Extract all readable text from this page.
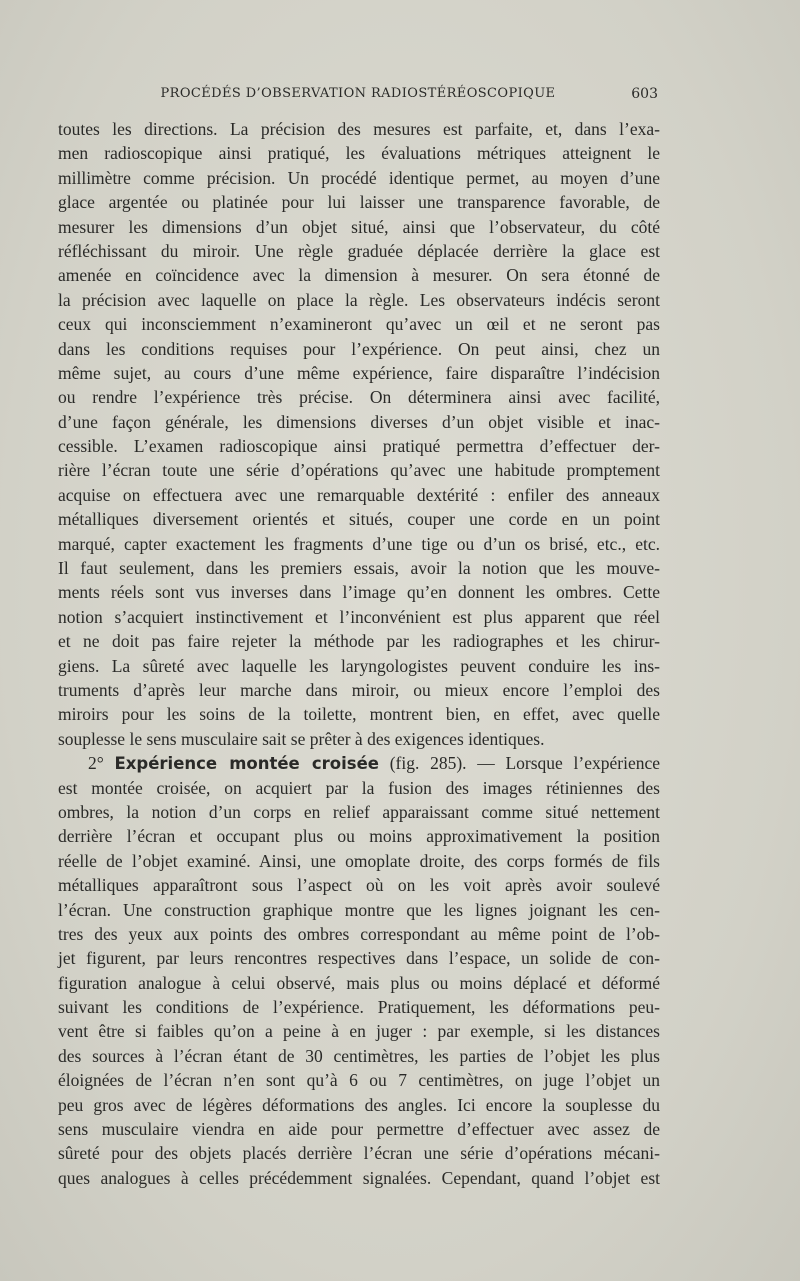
PROCÉDÉS D’OBSERVATION RADIOSTÉRÉOSCOPIQUE	603
toutes les directions. La précision des mesures est parfaite, et, dans l’exa-
men radioscopique ainsi pratiqué, les évaluations métriques atteignent le
millimètre comme précision. Un procédé identique permet, au moyen d’une
glace argentée ou platinée pour lui laisser une transparence favorable, de
mesurer les dimensions d’un objet situé, ainsi que l’observateur, du côté
réfléchissant du miroir. Une règle graduée déplacée derrière la glace est
amenée en coïncidence avec la dimension à mesurer. On sera étonné de
la précision avec laquelle on place la règle. Les observateurs indécis seront
ceux qui inconsciemment n’examineront qu’avec un œil et ne seront pas
dans les conditions requises pour l’expérience. On peut ainsi, chez un
même sujet, au cours d’une même expérience, faire disparaître l’indécision
ou rendre l’expérience très précise. On déterminera ainsi avec facilité,
d’une façon générale, les dimensions diverses d’un objet visible et inac-
cessible. L’examen radioscopique ainsi pratiqué permettra d’effectuer der-
rière l’écran toute une série d’opérations qu’avec une habitude promptement
acquise on effectuera avec une remarquable dextérité : enfiler des anneaux
métalliques diversement orientés et situés, couper une corde en un point
marqué, capter exactement les fragments d’une tige ou d’un os brisé, etc., etc.
Il faut seulement, dans les premiers essais, avoir la notion que les mouve-
ments réels sont vus inverses dans l’image qu’en donnent les ombres. Cette
notion s’acquiert instinctivement et l’inconvénient est plus apparent que réel
et ne doit pas faire rejeter la méthode par les radiographes et les chirur-
giens. La sûreté avec laquelle les laryngologistes peuvent conduire les ins-
truments d’après leur marche dans miroir, ou mieux encore l’emploi des
miroirs pour les soins de la toilette, montrent bien, en effet, avec quelle
souplesse le sens musculaire sait se prêter à des exigences identiques.
2° Expérience montée croisée (fig. 285). — Lorsque l’expérience
est montée croisée, on acquiert par la fusion des images rétiniennes des
ombres, la notion d’un corps en relief apparaissant comme situé nettement
derrière l’écran et occupant plus ou moins approximativement la position
réelle de l’objet examiné. Ainsi, une omoplate droite, des corps formés de fils
métalliques apparaîtront sous l’aspect où on les voit après avoir soulevé
l’écran. Une construction graphique montre que les lignes joignant les cen-
tres des yeux aux points des ombres correspondant au même point de l’ob-
jet figurent, par leurs rencontres respectives dans l’espace, un solide de con-
figuration analogue à celui observé, mais plus ou moins déplacé et déformé
suivant les conditions de l’expérience. Pratiquement, les déformations peu-
vent être si faibles qu’on a peine à en juger : par exemple, si les distances
des sources à l’écran étant de 30 centimètres, les parties de l’objet les plus
éloignées de l’écran n’en sont qu’à 6 ou 7 centimètres, on juge l’objet un
peu gros avec de légères déformations des angles. Ici encore la souplesse du
sens musculaire viendra en aide pour permettre d’effectuer avec assez de
sûreté pour des objets placés derrière l’écran une série d’opérations mécani-
ques analogues à celles précédemment signalées. Cependant, quand l’objet est
